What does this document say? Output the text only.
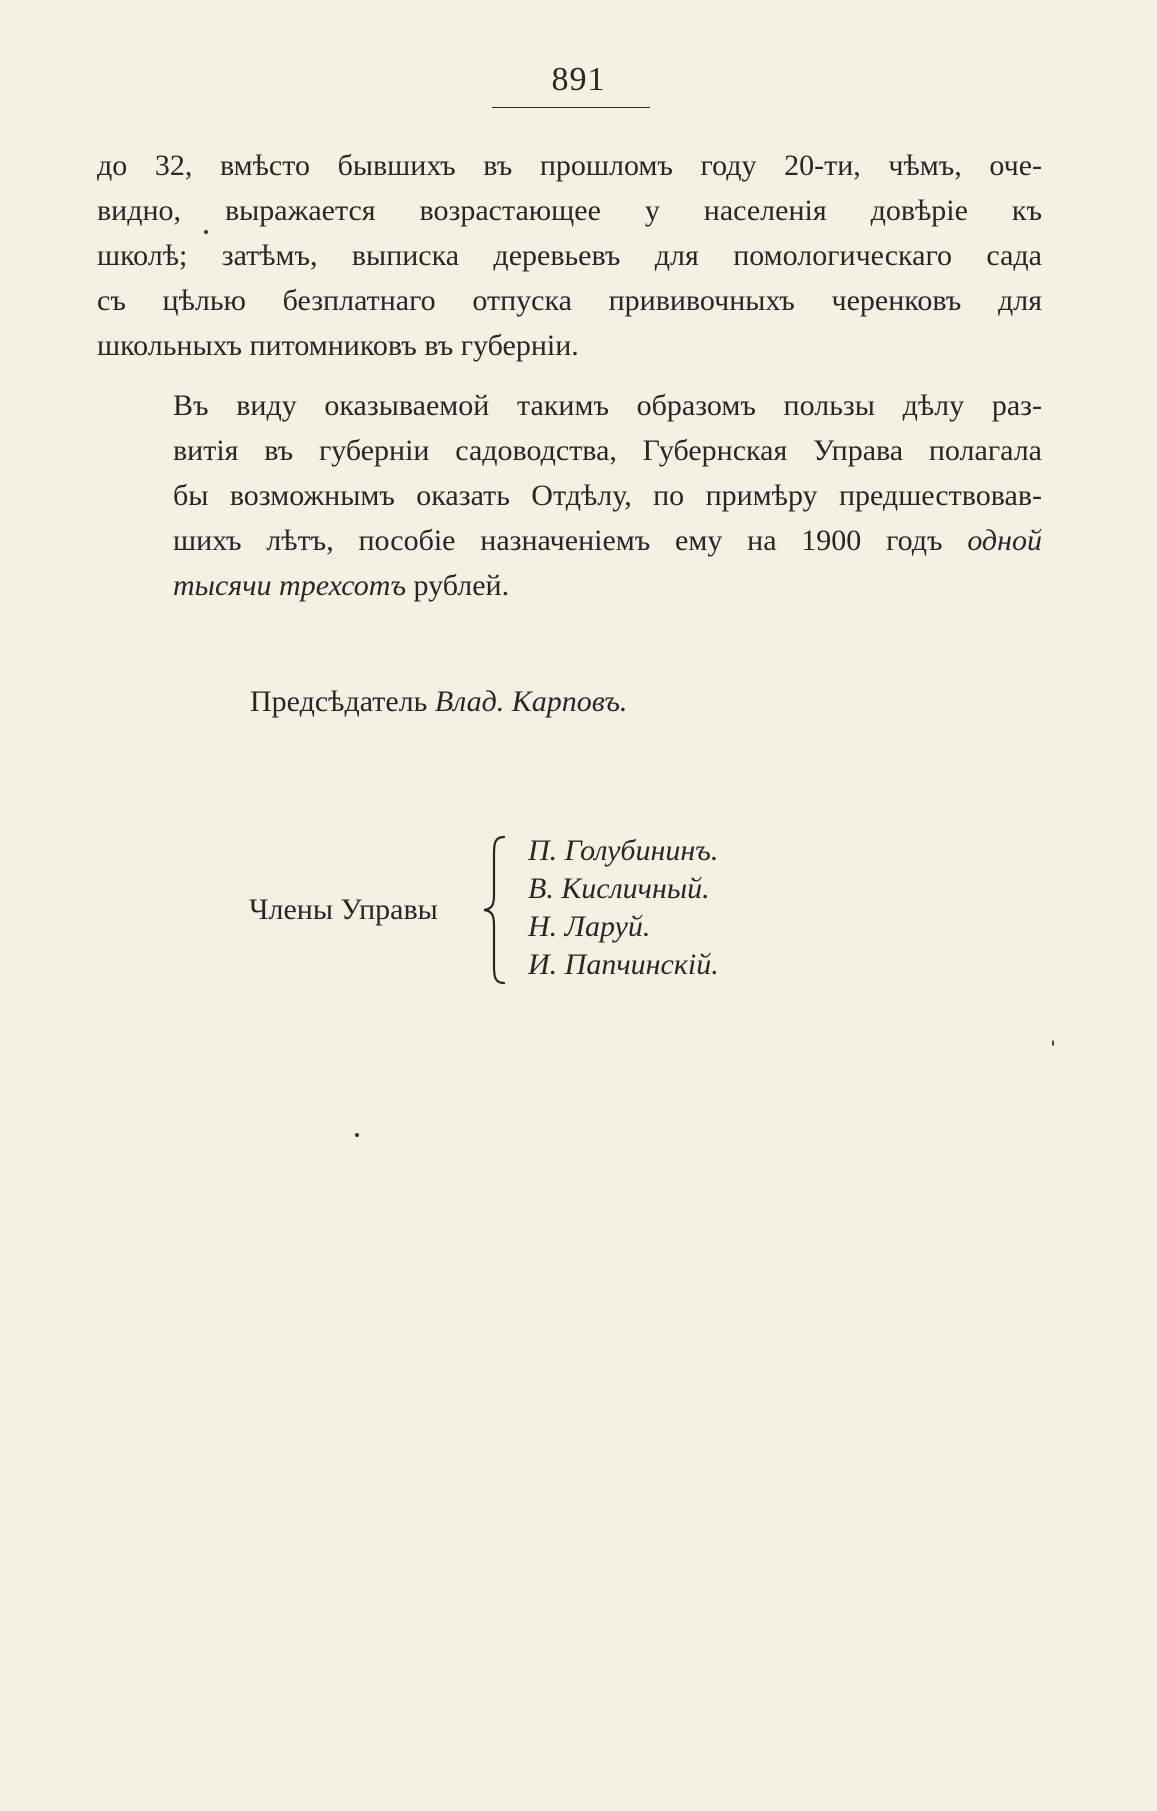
891
до 32, вмѣсто бывшихъ въ прошломъ году 20-ти, чѣмъ, оче-
видно, выражается возрастающее у населенія довѣріе къ
школѣ; затѣмъ, выписка деревьевъ для помологическаго сада
съ цѣлью безплатнаго отпуска прививочныхъ черенковъ для
школьныхъ питомниковъ въ губерніи.
Въ виду оказываемой такимъ образомъ пользы дѣлу раз-
витія въ губерніи садоводства, Губернская Управа полагала
бы возможнымъ оказать Отдѣлу, по примѣру предшествовав-
шихъ лѣтъ, пособіе назначеніемъ ему на 1900 годъ одной
тысячи трехсотъ рублей.
Предсѣдатель Влад. Карповъ.
Члены Управы
П. Голубининъ.
В. Кисличный.
Н. Ларуй.
И. Папчинскій.
